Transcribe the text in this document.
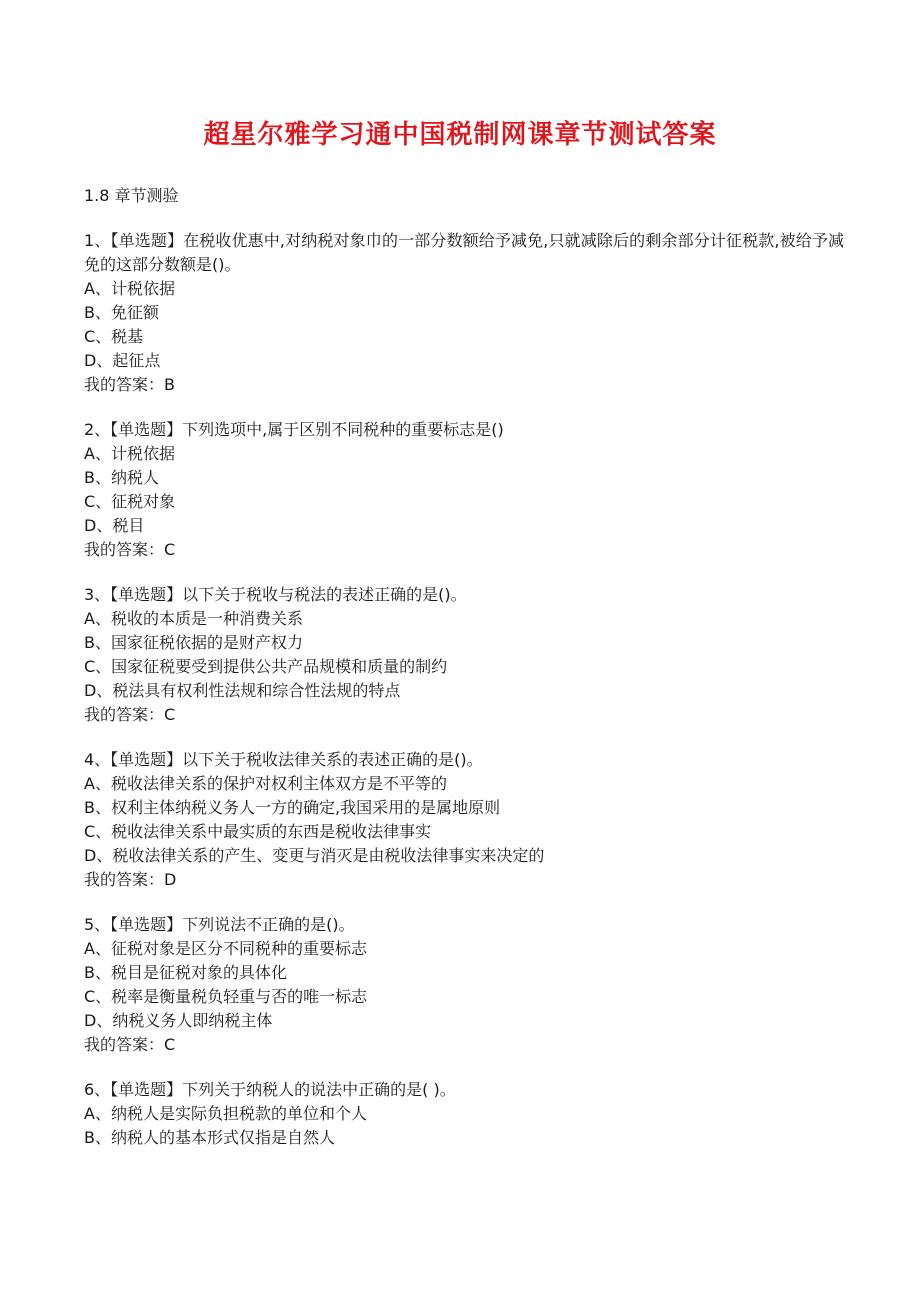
超星尔雅学习通中国税制网课章节测试答案
1.8 章节测验
1、【单选题】在税收优惠中,对纳税对象巾的一部分数额给予减免,只就减除后的剩余部分计征税款,被给予减免的这部分数额是()。
A、计税依据
B、免征额
C、税基
D、起征点
我的答案：B
2、【单选题】下列选项中,属于区别不同税种的重要标志是()
A、计税依据
B、纳税人
C、征税对象
D、税目
我的答案：C
3、【单选题】以下关于税收与税法的表述正确的是()。
A、税收的本质是一种消费关系
B、国家征税依据的是财产权力
C、国家征税要受到提供公共产品规模和质量的制约
D、税法具有权利性法规和综合性法规的特点
我的答案：C
4、【单选题】以下关于税收法律关系的表述正确的是()。
A、税收法律关系的保护对权利主体双方是不平等的
B、权利主体纳税义务人一方的确定,我国采用的是属地原则
C、税收法律关系中最实质的东西是税收法律事实
D、税收法律关系的产生、变更与消灭是由税收法律事实来决定的
我的答案：D
5、【单选题】下列说法不正确的是()。
A、征税对象是区分不同税种的重要标志
B、税目是征税对象的具体化
C、税率是衡量税负轻重与否的唯一标志
D、纳税义务人即纳税主体
我的答案：C
6、【单选题】下列关于纳税人的说法中正确的是( )。
A、纳税人是实际负担税款的单位和个人
B、纳税人的基本形式仅指是自然人
